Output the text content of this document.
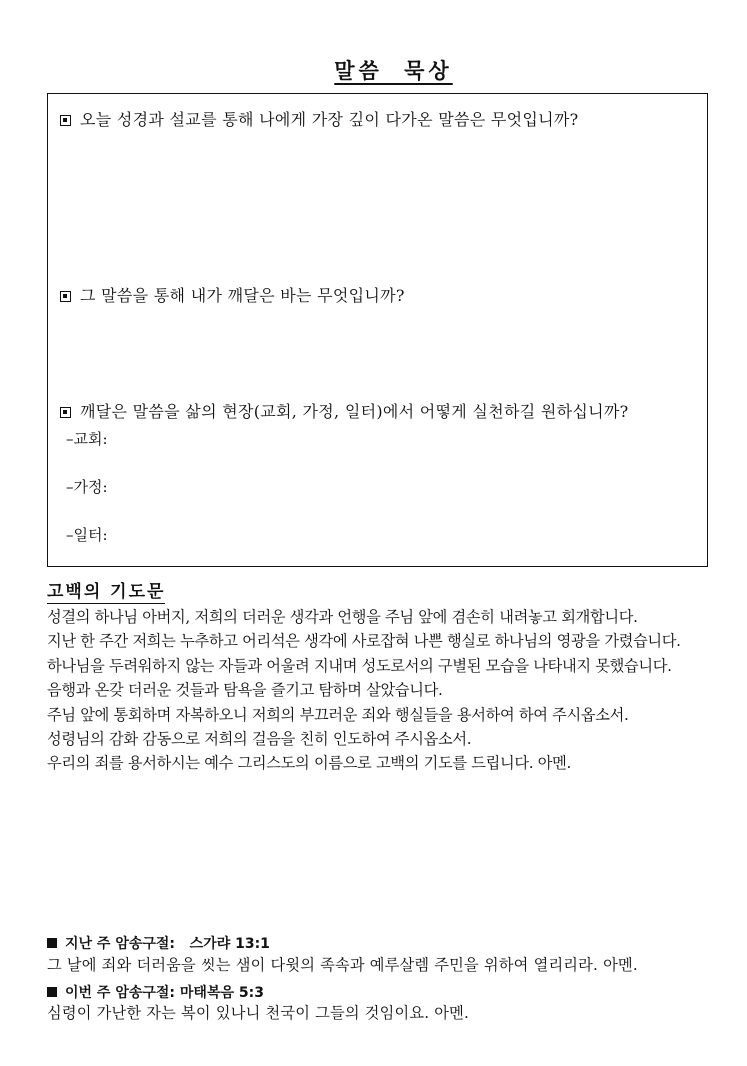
말씀 묵상
오늘 성경과 설교를 통해 나에게 가장 깊이 다가온 말씀은 무엇입니까?
그 말씀을 통해 내가 깨달은 바는 무엇입니까?
깨달은 말씀을 삶의 현장(교회, 가정, 일터)에서 어떻게 실천하길 원하십니까?
–교회:
–가정:
–일터:
고백의 기도문

성결의 하나님 아버지, 저희의 더러운 생각과 언행을 주님 앞에 겸손히 내려놓고 회개합니다.

지난 한 주간 저희는 누추하고 어리석은 생각에 사로잡혀 나쁜 행실로 하나님의 영광을 가렸습니다.

하나님을 두려워하지 않는 자들과 어울려 지내며 성도로서의 구별된 모습을 나타내지 못했습니다.

음행과 온갖 더러운 것들과 탐욕을 즐기고 탐하며 살았습니다.

주님 앞에 통회하며 자복하오니 저희의 부끄러운 죄와 행실들을 용서하여 하여 주시옵소서.

성령님의 감화 감동으로 저희의 걸음을 친히 인도하여 주시옵소서.

우리의 죄를 용서하시는 예수 그리스도의 이름으로 고백의 기도를 드립니다. 아멘.

지난 주 암송구절: 스가랴 13:1
그 날에 죄와 더러움을 씻는 샘이 다윗의 족속과 예루살렘 주민을 위하여 열리리라. 아멘.
이번 주 암송구절: 마태복음 5:3
심령이 가난한 자는 복이 있나니 천국이 그들의 것임이요. 아멘.
